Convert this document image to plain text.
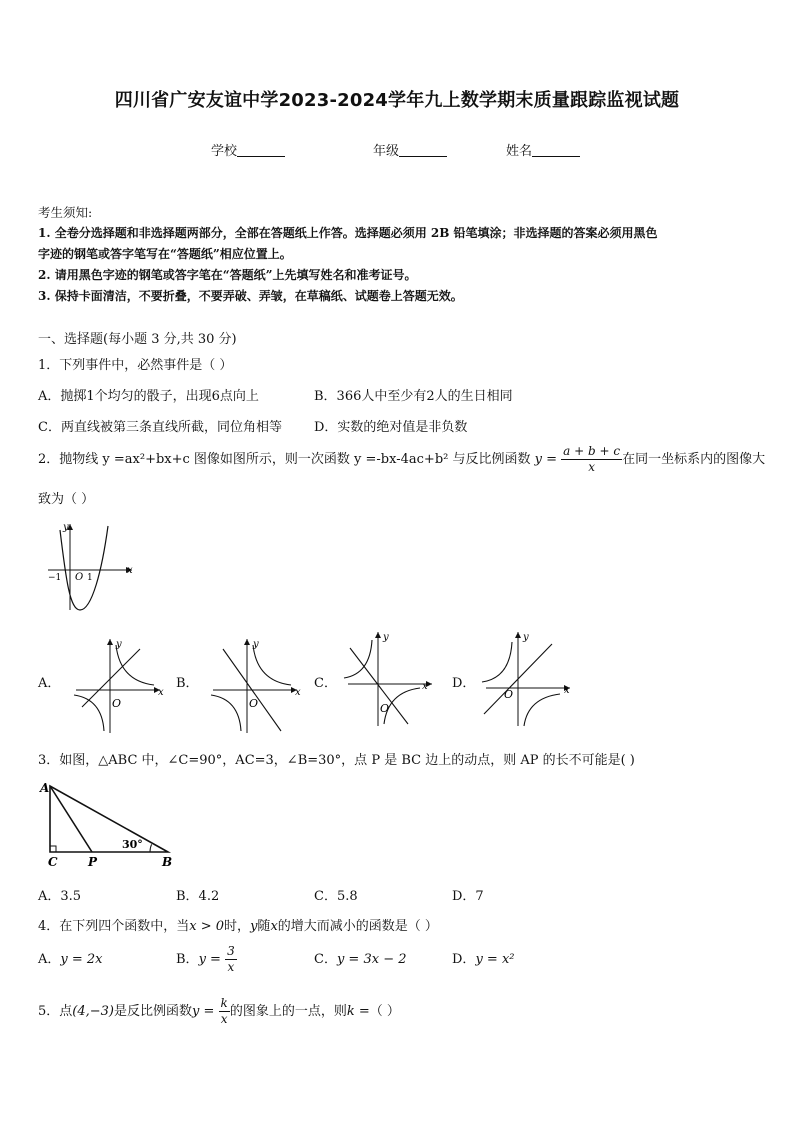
四川省广安友谊中学2023-2024学年九上数学期末质量跟踪监视试题
学校	年级	姓名
考生须知:
1. 全卷分选择题和非选择题两部分，全部在答题纸上作答。选择题必须用 2B 铅笔填涂；非选择题的答案必须用黑色
字迹的钢笔或答字笔写在“答题纸”相应位置上。
2. 请用黑色字迹的钢笔或答字笔在“答题纸”上先填写姓名和准考证号。
3. 保持卡面清洁，不要折叠，不要弄破、弄皱，在草稿纸、试题卷上答题无效。
一、选择题(每小题 3 分,共 30 分)
1．下列事件中，必然事件是（ ）
A．抛掷1个均匀的骰子，出现6点向上	B．366人中至少有2人的生日相同
C．两直线被第三条直线所截，同位角相等 D．实数的绝对值是非负数
2．抛物线 y =ax²+bx+c 图像如图所示，则一次函数 y =-bx-4ac+b² 与反比例函数 $y = \frac{a + b + c}{x}$ 在同一坐标系内的图像大
致为（ ）
x
y
O
−1	1
A．
x
y
O
B．
x
y
O
C．	x
y
O
D．	x
y
O
3．如图，△ABC 中，∠C=90°，AC=3，∠B=30°，点 P 是 BC 边上的动点，则 AP 的长不可能是( )
A
C	P	B
30°
A．3.5	B．4.2	C．5.8	D．7
4．在下列四个函数中，当x > 0时，y随x的增大而减小的函数是（ ）
A．y = 2x	B．$y = \frac{3}{x}$	C．y = 3x − 2	D．y = x²
5．点(4,−3)是反比例函数$y = \frac{k}{x}$ 的图象上的一点，则k =（ ）
